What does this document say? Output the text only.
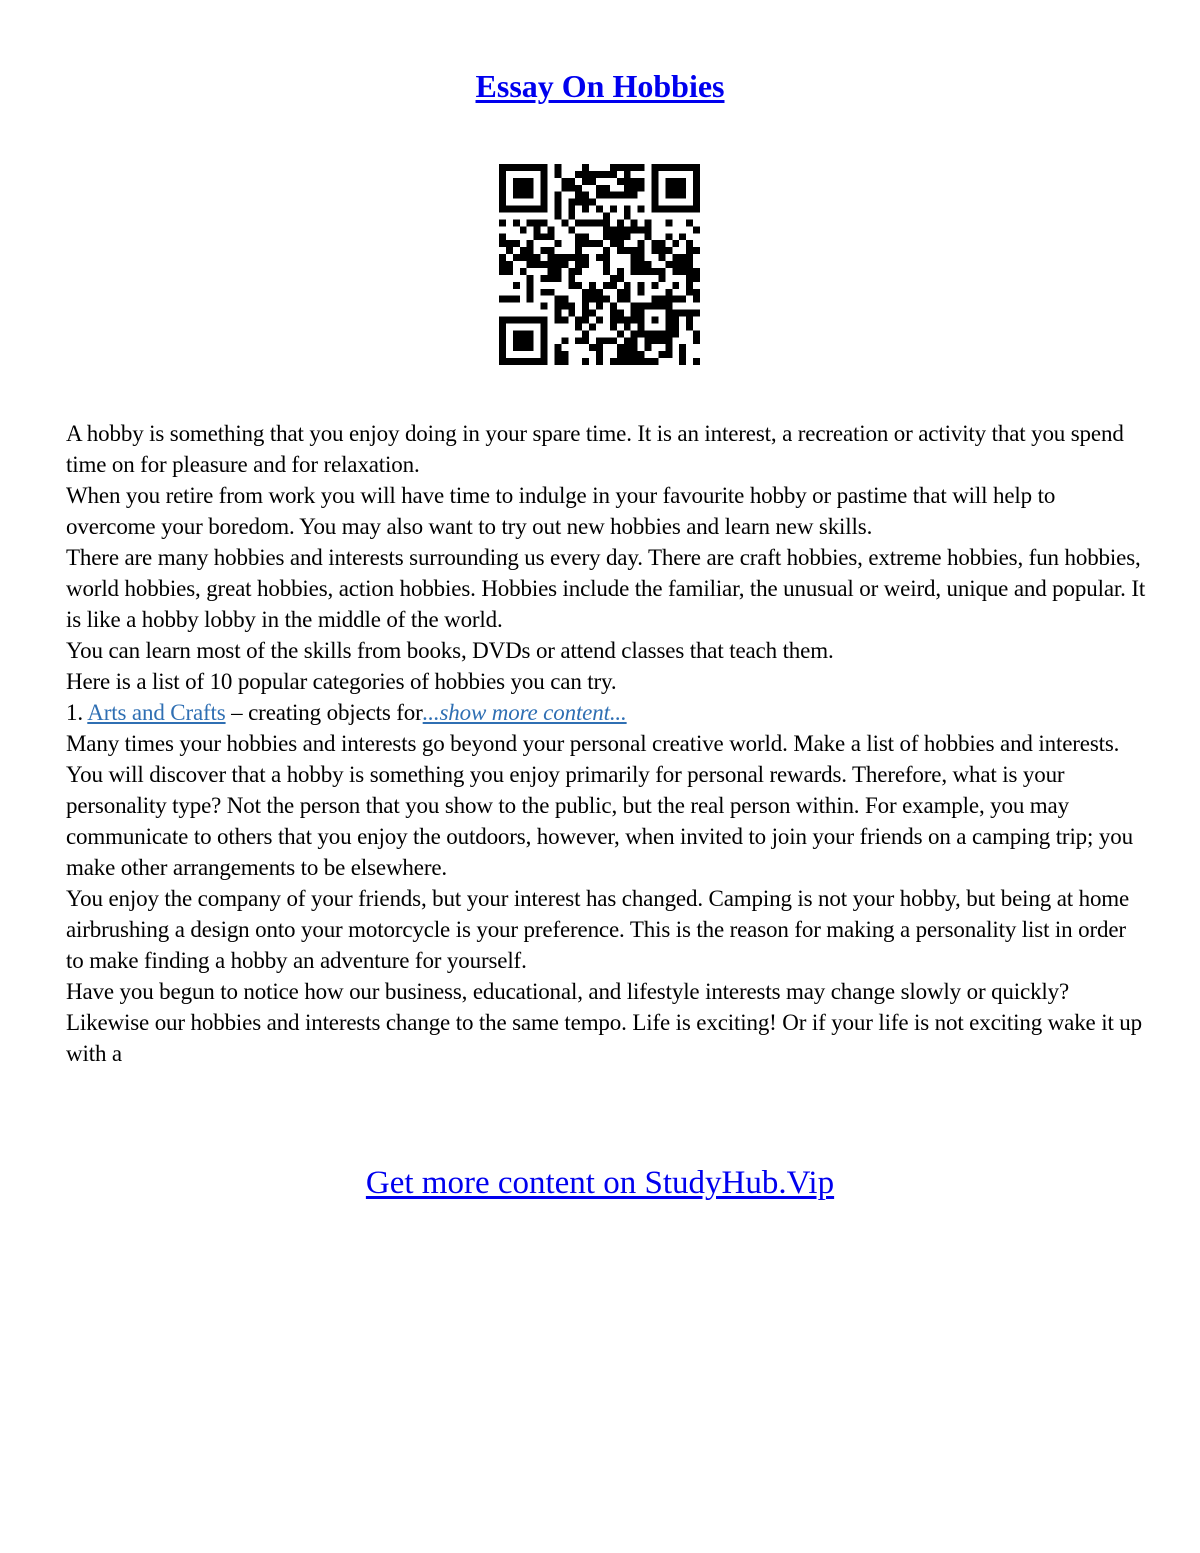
Essay On Hobbies

A hobby is something that you enjoy doing in your spare time. It is an interest, a recreation or activity that you spend time on for pleasure and for relaxation.

When you retire from work you will have time to indulge in your favourite hobby or pastime that will help to overcome your boredom. You may also want to try out new hobbies and learn new skills.

There are many hobbies and interests surrounding us every day. There are craft hobbies, extreme hobbies, fun hobbies, world hobbies, great hobbies, action hobbies. Hobbies include the familiar, the unusual or weird, unique and popular. It is like a hobby lobby in the middle of the world.

You can learn most of the skills from books, DVDs or attend classes that teach them.

Here is a list of 10 popular categories of hobbies you can try.

1. Arts and Crafts – creating objects for...show more content...

Many times your hobbies and interests go beyond your personal creative world. Make a list of hobbies and interests.

You will discover that a hobby is something you enjoy primarily for personal rewards. Therefore, what is your personality type? Not the person that you show to the public, but the real person within. For example, you may communicate to others that you enjoy the outdoors, however, when invited to join your friends on a camping trip; you make other arrangements to be elsewhere.

You enjoy the company of your friends, but your interest has changed. Camping is not your hobby, but being at home airbrushing a design onto your motorcycle is your preference. This is the reason for making a personality list in order to make finding a hobby an adventure for yourself.

Have you begun to notice how our business, educational, and lifestyle interests may change slowly or quickly? Likewise our hobbies and interests change to the same tempo. Life is exciting! Or if your life is not exciting wake it up with a

Get more content on StudyHub.Vip
